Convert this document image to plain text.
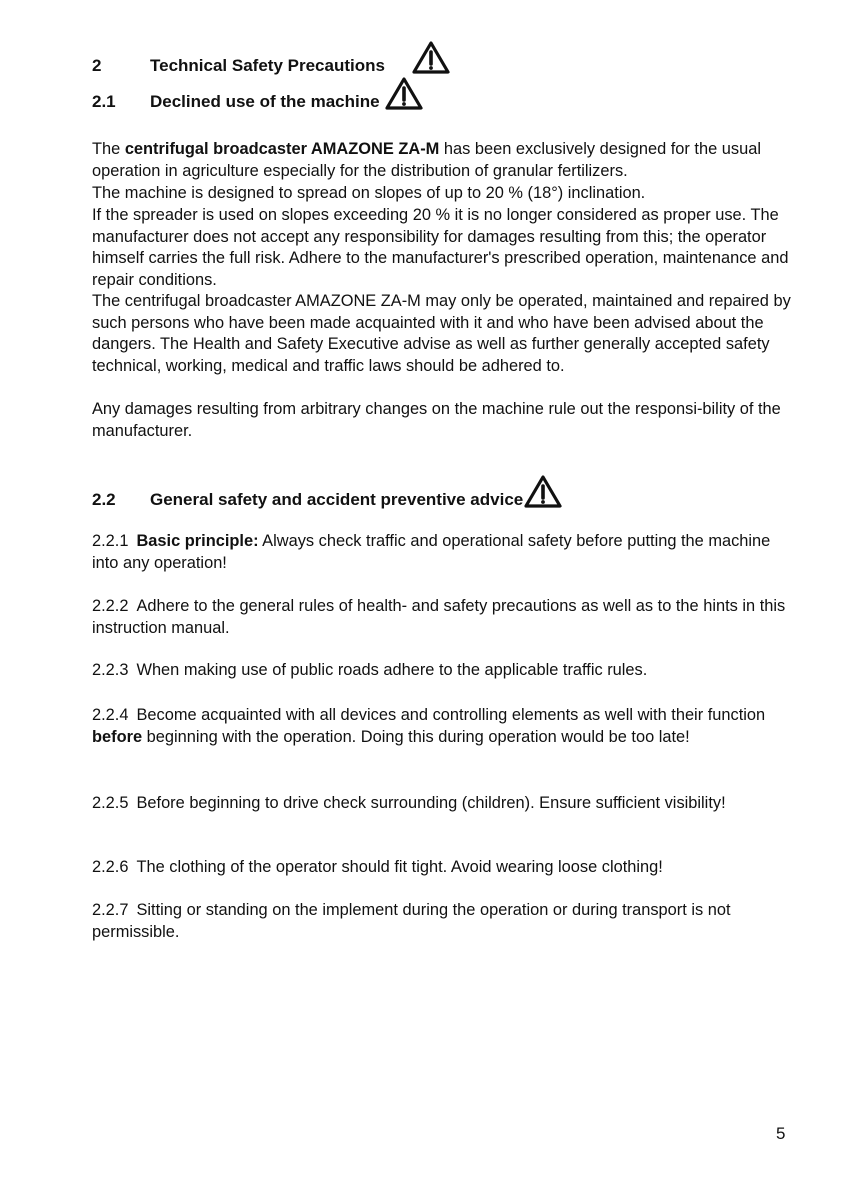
2	Technical Safety Precautions
2.1	Declined use of the machine

The centrifugal broadcaster AMAZONE ZA-M has been exclusively designed for the usual operation in agriculture especially for the distribution of granular fertilizers.

The machine is designed to spread on slopes of up to 20 % (18°) inclination.

If the spreader is used on slopes exceeding 20 % it is no longer considered as proper use. The manufacturer does not accept any responsibility for damages resulting from this; the operator himself carries the full risk. Adhere to the manufacturer's prescribed operation, maintenance and repair conditions.

The centrifugal broadcaster AMAZONE ZA-M may only be operated, maintained and repaired by such persons who have been made acquainted with it and who have been advised about the dangers. The Health and Safety Executive advise as well as further generally accepted safety technical, working, medical and traffic laws should be adhered to.

Any damages resulting from arbitrary changes on the machine rule out the responsi-bility of the manufacturer.

2.2	General safety and accident preventive advice

2.2.1 Basic principle: Always check traffic and operational safety before putting the machine into any operation!

2.2.2 Adhere to the general rules of health- and safety precautions as well as to the hints in this instruction manual.

2.2.3 When making use of public roads adhere to the applicable traffic rules.

2.2.4 Become acquainted with all devices and controlling elements as well with their function before beginning with the operation. Doing this during operation would be too late!

2.2.5 Before beginning to drive check surrounding (children). Ensure sufficient visibility!

2.2.6 The clothing of the operator should fit tight. Avoid wearing loose clothing!

2.2.7 Sitting or standing on the implement during the operation or during transport is not permissible.

5
